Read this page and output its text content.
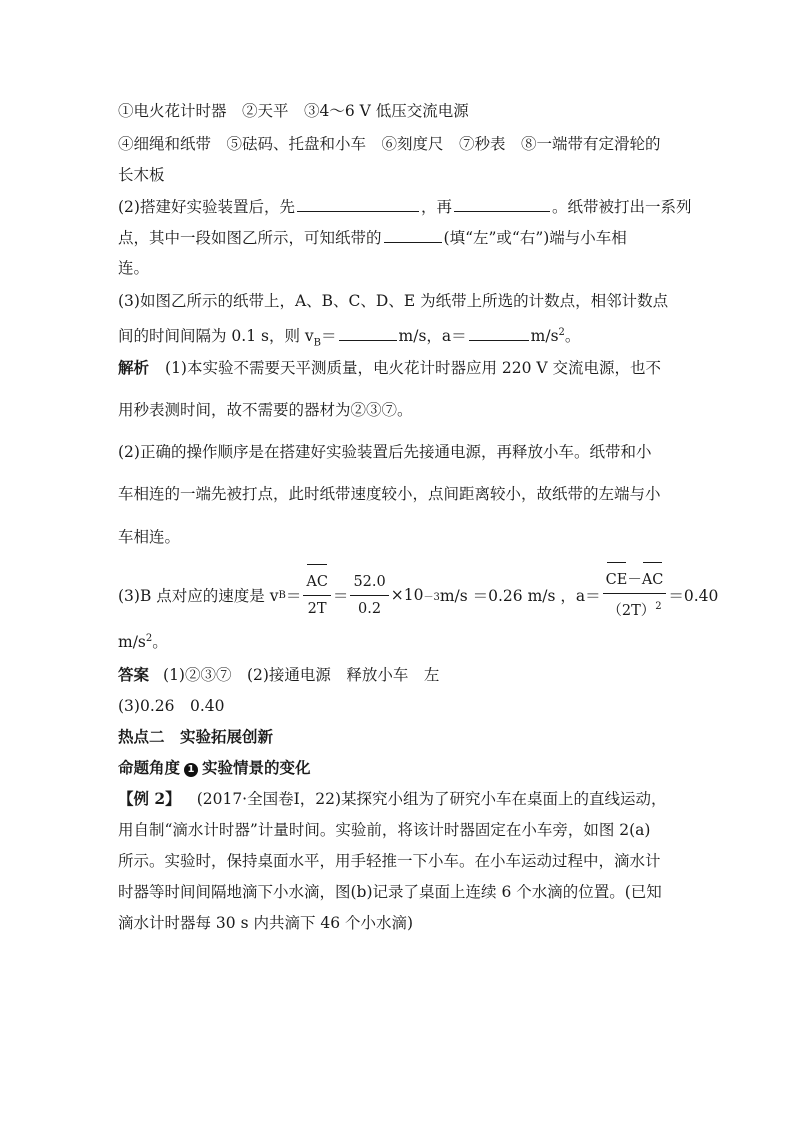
①电火花计时器　②天平　③4～6 V 低压交流电源
④细绳和纸带　⑤砝码、托盘和小车　⑥刻度尺　⑦秒表　⑧一端带有定滑轮的
长木板
(2)搭建好实验装置后，先	，再	。纸带被打出一系列
点，其中一段如图乙所示，可知纸带的	(填“左”或“右”)端与小车相
连。
(3)如图乙所示的纸带上，A、B、C、D、E 为纸带上所选的计数点，相邻计数点
间的时间间隔为 0.1 s，则 $v_B=$	m/s，a＝	$m/s^2$。
解析 (1)本实验不需要天平测质量，电火花计时器应用 220 V 交流电源，也不
用秒表测时间，故不需要的器材为②③⑦。
(2)正确的操作顺序是在搭建好实验装置后先接通电源，再释放小车。纸带和小
车相连的一端先被打点，此时纸带速度较小，点间距离较小，故纸带的左端与小
车相连。
(3)B 点对应的速度是 v $B = \frac{AC}{2T} = \frac{52.0}{0.2} \times 10 -3$ m/s ＝0.26 m/s ，$a= \frac{CE-AC}{(2T)^2} =0.40$
$m/s^2$。
答案 (1)②③⑦　(2)接通电源　释放小车　左
(3)0.26　0.40
热点二　实验拓展创新
命题角度 1 实验情景的变化
【例 2】 (2017·全国卷Ⅰ，22)某探究小组为了研究小车在桌面上的直线运动，
用自制“滴水计时器”计量时间。实验前，将该计时器固定在小车旁，如图 2(a)
所示。实验时，保持桌面水平，用手轻推一下小车。在小车运动过程中，滴水计
时器等时间间隔地滴下小水滴，图(b)记录了桌面上连续 6 个水滴的位置。(已知
滴水计时器每 30 s 内共滴下 46 个小水滴)
